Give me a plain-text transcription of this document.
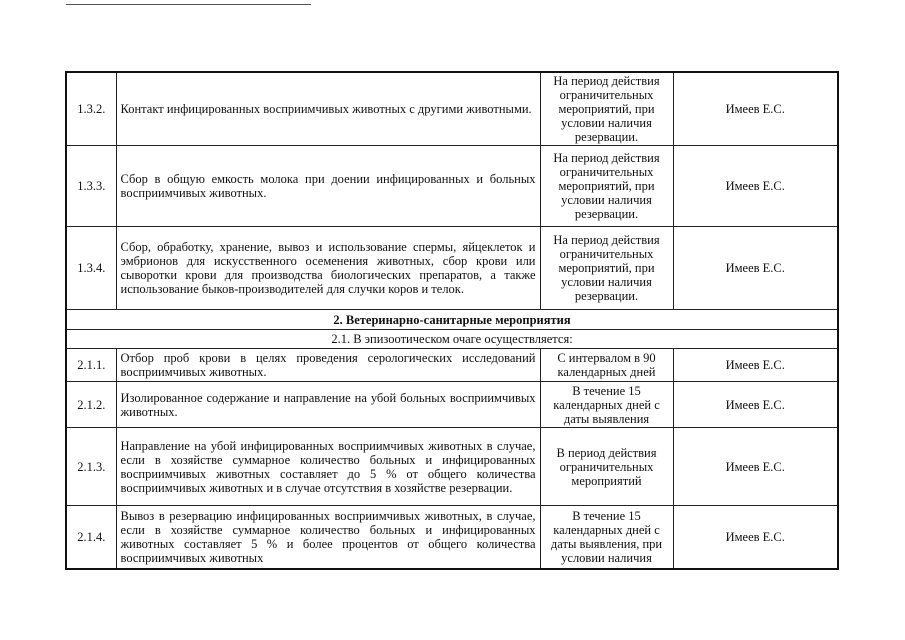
1.3.2.	Контакт инфицированных восприимчивых животных с другими животными.	На период действия ограничительных мероприятий, при условии наличия резервации.	Имеев Е.С.
1.3.3.	Сбор в общую емкость молока при доении инфицированных и больных восприимчивых животных.	На период действия ограничительных мероприятий, при условии наличия резервации.	Имеев Е.С.
1.3.4.	Сбор, обработку, хранение, вывоз и использование спермы, яйцеклеток и эмбрионов для искусственного осеменения животных, сбор крови или сыворотки крови для производства биологических препаратов, а также использование быков-производителей для случки коров и телок.	На период действия ограничительных мероприятий, при условии наличия резервации.	Имеев Е.С.
2. Ветеринарно-санитарные мероприятия			
2.1. В эпизоотическом очаге осуществляется:			
2.1.1.	Отбор проб крови в целях проведения серологических исследований восприимчивых животных.	С интервалом в 90 календарных дней	Имеев Е.С.
2.1.2.	Изолированное содержание и направление на убой больных восприимчивых животных.	В течение 15 календарных дней с даты выявления	Имеев Е.С.
2.1.3.	Направление на убой инфицированных восприимчивых животных в случае, если в хозяйстве суммарное количество больных и инфицированных восприимчивых животных составляет до 5 % от общего количества восприимчивых животных и в случае отсутствия в хозяйстве резервации.	В период действия ограничительных мероприятий	Имеев Е.С.
2.1.4.	Вывоз в резервацию инфицированных восприимчивых животных, в случае, если в хозяйстве суммарное количество больных и инфицированных животных составляет 5 % и более процентов от общего количества восприимчивых животных	В течение 15 календарных дней с даты выявления, при условии наличия	Имеев Е.С.
